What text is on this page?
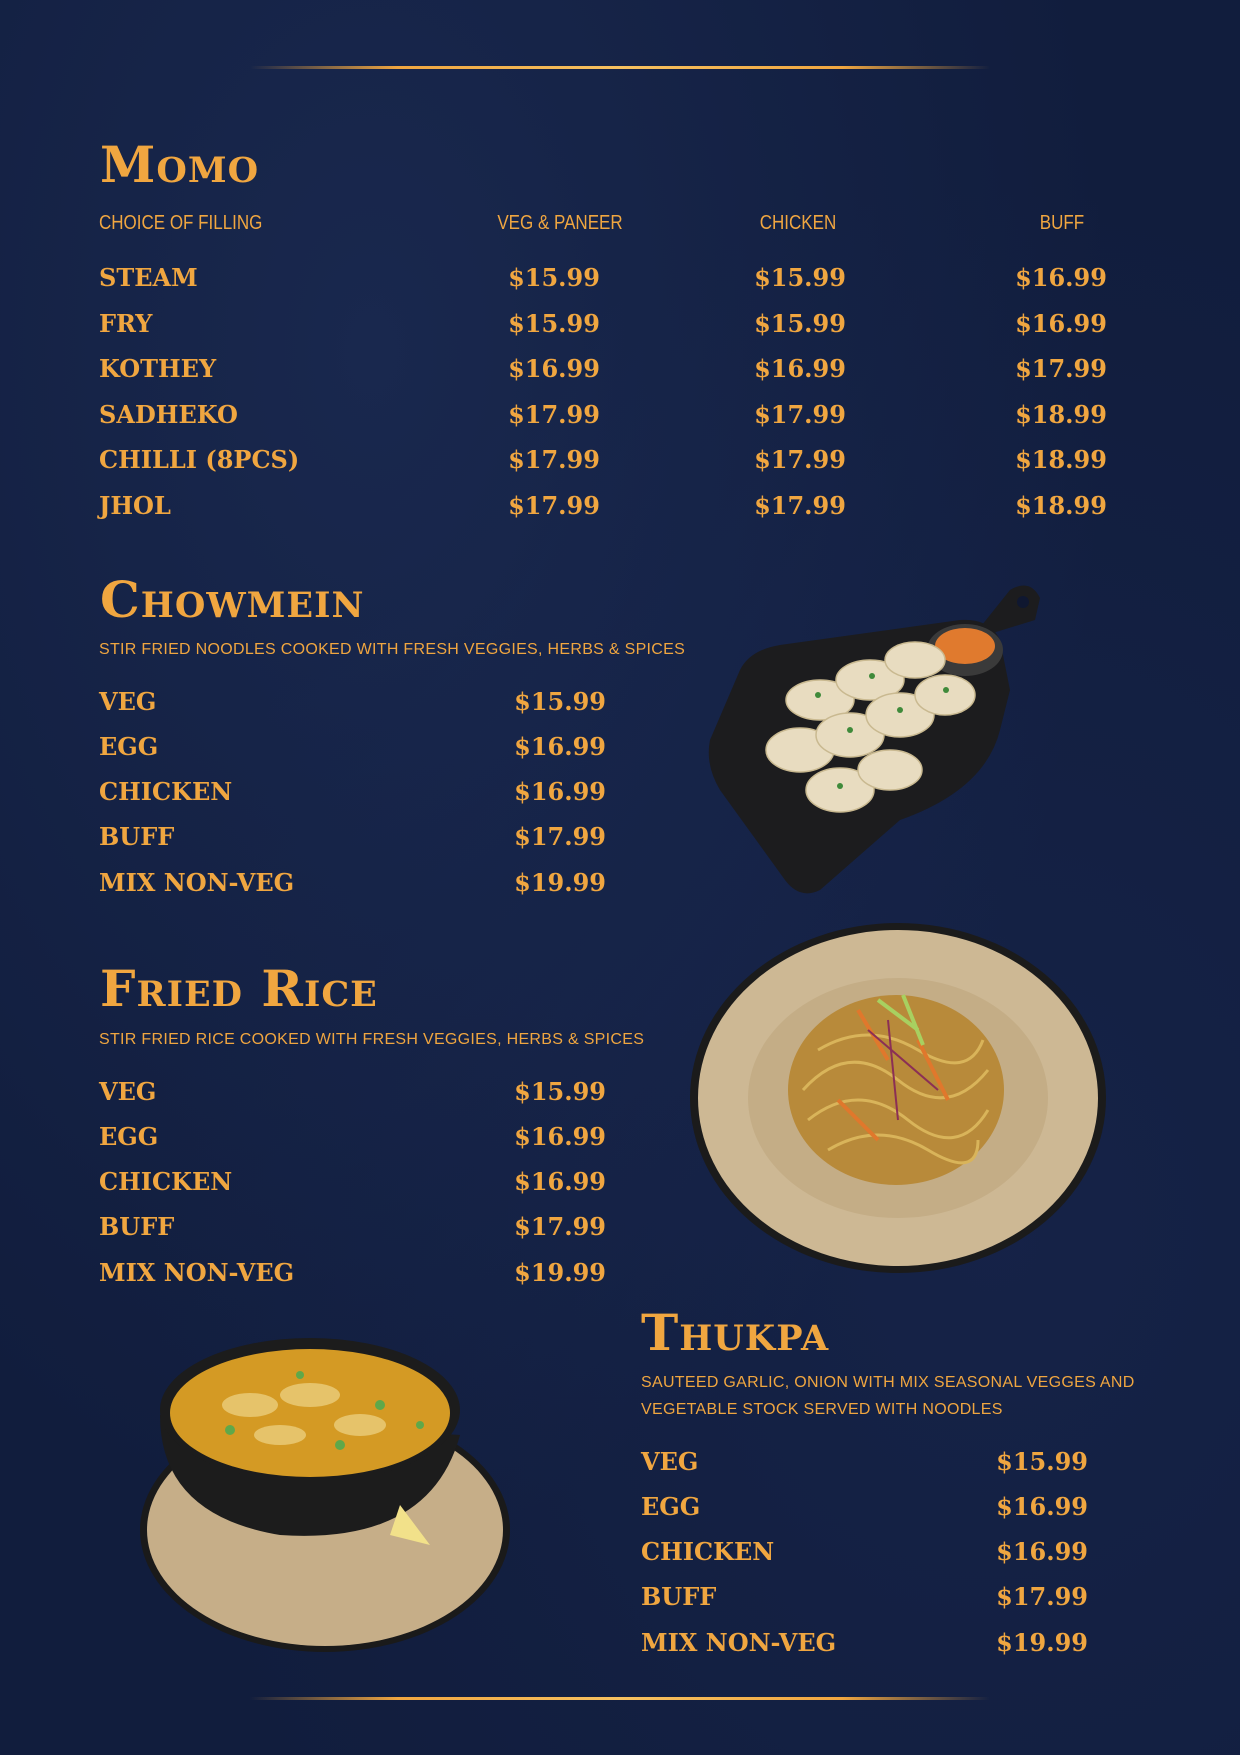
Momo
CHOICE OF FILLING	VEG & PANEER	CHICKEN	BUFF
STEAM	$15.99	$15.99	$16.99
FRY	$15.99	$15.99	$16.99
KOTHEY	$16.99	$16.99	$17.99
SADHEKO	$17.99	$17.99	$18.99
CHILLI (8PCS)	$17.99	$17.99	$18.99
JHOL	$17.99	$17.99	$18.99
Chowmein

STIR FRIED NOODLES COOKED WITH FRESH VEGGIES, HERBS & SPICES

VEG	$15.99
EGG	$16.99
CHICKEN	$16.99
BUFF	$17.99
MIX NON-VEG	$19.99
Fried Rice

STIR FRIED RICE COOKED WITH FRESH VEGGIES, HERBS & SPICES

VEG	$15.99
EGG	$16.99
CHICKEN	$16.99
BUFF	$17.99
MIX NON-VEG	$19.99
Thukpa

SAUTEED GARLIC, ONION WITH MIX SEASONAL VEGGES AND

VEGETABLE STOCK SERVED WITH NOODLES

VEG	$15.99
EGG	$16.99
CHICKEN	$16.99
BUFF	$17.99
MIX NON-VEG	$19.99
